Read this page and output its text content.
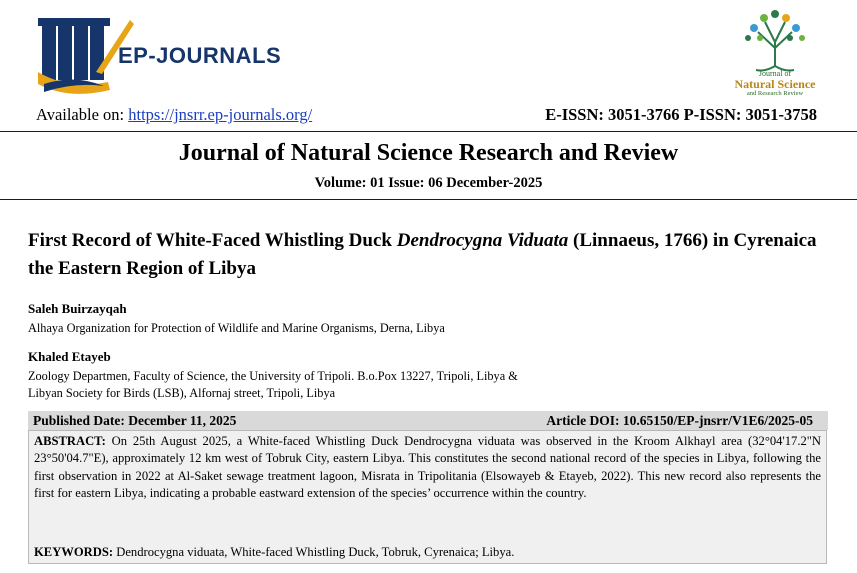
EP-JOURNALS
Journal of
Natural Science
and Research Review
Available on: https://jnsrr.ep-journals.org/	E-ISSN: 3051-3766 P-ISSN: 3051-3758
Journal of Natural Science Research and Review
Volume: 01 Issue: 06 December-2025
First Record of White-Faced Whistling Duck Dendrocygna Viduata (Linnaeus, 1766) in Cyrenaica the Eastern Region of Libya
Saleh Buirzayqah
Alhaya Organization for Protection of Wildlife and Marine Organisms, Derna, Libya
Khaled Etayeb
Zoology Departmen, Faculty of Science, the University of Tripoli. B.o.Pox 13227, Tripoli, Libya &
Libyan Society for Birds (LSB), Alfornaj street, Tripoli, Libya
Published Date: December 11, 2025	Article DOI: 10.65150/EP-jnsrr/V1E6/2025-05
ABSTRACT: On 25th August 2025, a White-faced Whistling Duck Dendrocygna viduata was observed in the Kroom Alkhayl area (32°04'17.2"N 23°50'04.7"E), approximately 12 km west of Tobruk City, eastern Libya. This constitutes the second national record of the species in Libya, following the first observation in 2022 at Al-Saket sewage treatment lagoon, Misrata in Tripolitania (Elsowayeb & Etayeb, 2022). This new record also represents the first for eastern Libya, indicating a probable eastward extension of the species’ occurrence within the country.
KEYWORDS: Dendrocygna viduata, White-faced Whistling Duck, Tobruk, Cyrenaica; Libya.
